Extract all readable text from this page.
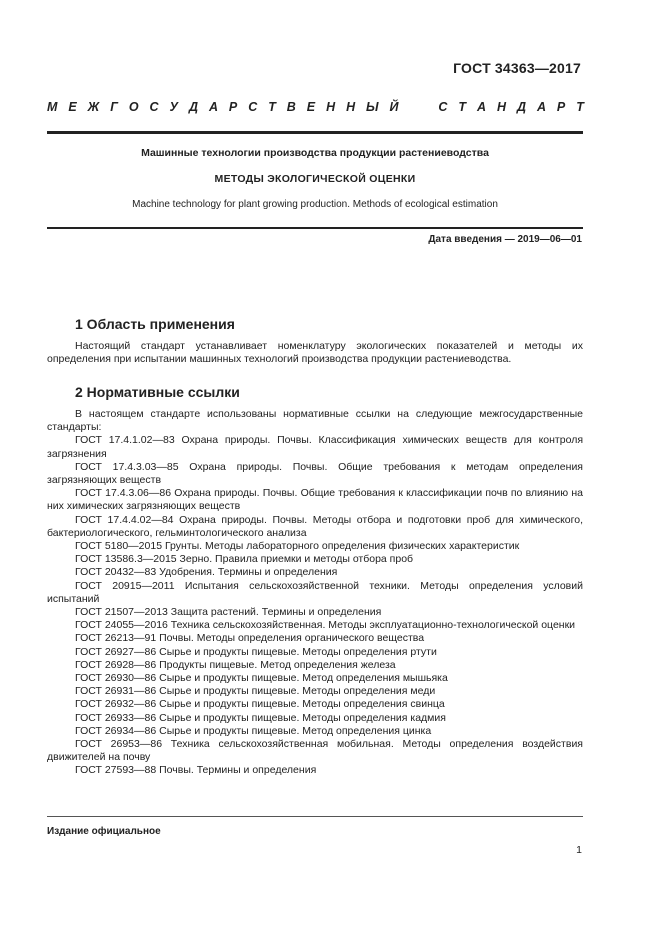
ГОСТ 34363—2017
М Е Ж Г О С У Д А Р С Т В Е Н Н Ы Й	С Т А Н Д А Р Т
Машинные технологии производства продукции растениеводства
МЕТОДЫ ЭКОЛОГИЧЕСКОЙ ОЦЕНКИ
Machine technology for plant growing production. Methods of ecological estimation
Дата введения — 2019—06—01
1 Область применения
Настоящий стандарт устанавливает номенклатуру экологических показателей и методы их определения при испытании машинных технологий производства продукции растениеводства.
2 Нормативные ссылки
В настоящем стандарте использованы нормативные ссылки на следующие межгосударственные стандарты:
ГОСТ 17.4.1.02—83 Охрана природы. Почвы. Классификация химических веществ для контроля загрязнения
ГОСТ 17.4.3.03—85 Охрана природы. Почвы. Общие требования к методам определения загрязняющих веществ
ГОСТ 17.4.3.06—86 Охрана природы. Почвы. Общие требования к классификации почв по влиянию на них химических загрязняющих веществ
ГОСТ 17.4.4.02—84 Охрана природы. Почвы. Методы отбора и подготовки проб для химического, бактериологического, гельминтологического анализа
ГОСТ 5180—2015 Грунты. Методы лабораторного определения физических характеристик
ГОСТ 13586.3—2015 Зерно. Правила приемки и методы отбора проб
ГОСТ 20432—83 Удобрения. Термины и определения
ГОСТ 20915—2011 Испытания сельскохозяйственной техники. Методы определения условий испытаний
ГОСТ 21507—2013 Защита растений. Термины и определения
ГОСТ 24055—2016 Техника сельскохозяйственная. Методы эксплуатационно-технологической оценки
ГОСТ 26213—91 Почвы. Методы определения органического вещества
ГОСТ 26927—86 Сырье и продукты пищевые. Методы определения ртути
ГОСТ 26928—86 Продукты пищевые. Метод определения железа
ГОСТ 26930—86 Сырье и продукты пищевые. Метод определения мышьяка
ГОСТ 26931—86 Сырье и продукты пищевые. Методы определения меди
ГОСТ 26932—86 Сырье и продукты пищевые. Методы определения свинца
ГОСТ 26933—86 Сырье и продукты пищевые. Методы определения кадмия
ГОСТ 26934—86 Сырье и продукты пищевые. Метод определения цинка
ГОСТ 26953—86 Техника сельскохозяйственная мобильная. Методы определения воздействия движителей на почву
ГОСТ 27593—88 Почвы. Термины и определения
Издание официальное
1
